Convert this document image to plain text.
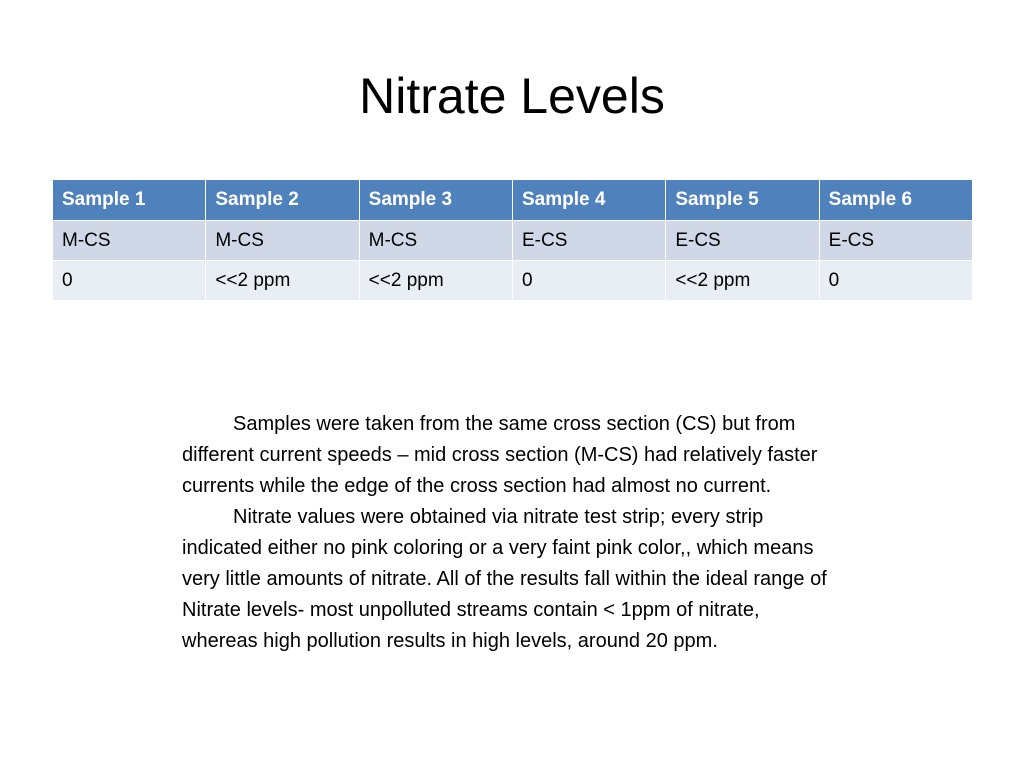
Nitrate Levels
Sample 1	Sample 2	Sample 3	Sample 4	Sample 5	Sample 6
M-CS	M-CS	M-CS	E-CS	E-CS	E-CS
0	<<2 ppm	<<2 ppm	0	<<2 ppm	0

Samples were taken from the same cross section (CS) but from different current speeds – mid cross section (M-CS) had relatively faster currents while the edge of the cross section had almost no current.

Nitrate values were obtained via nitrate test strip; every strip indicated either no pink coloring or a very faint pink color,, which means very little amounts of nitrate. All of the results fall within the ideal range of Nitrate levels- most unpolluted streams contain < 1ppm of nitrate, whereas high pollution results in high levels, around 20 ppm.
